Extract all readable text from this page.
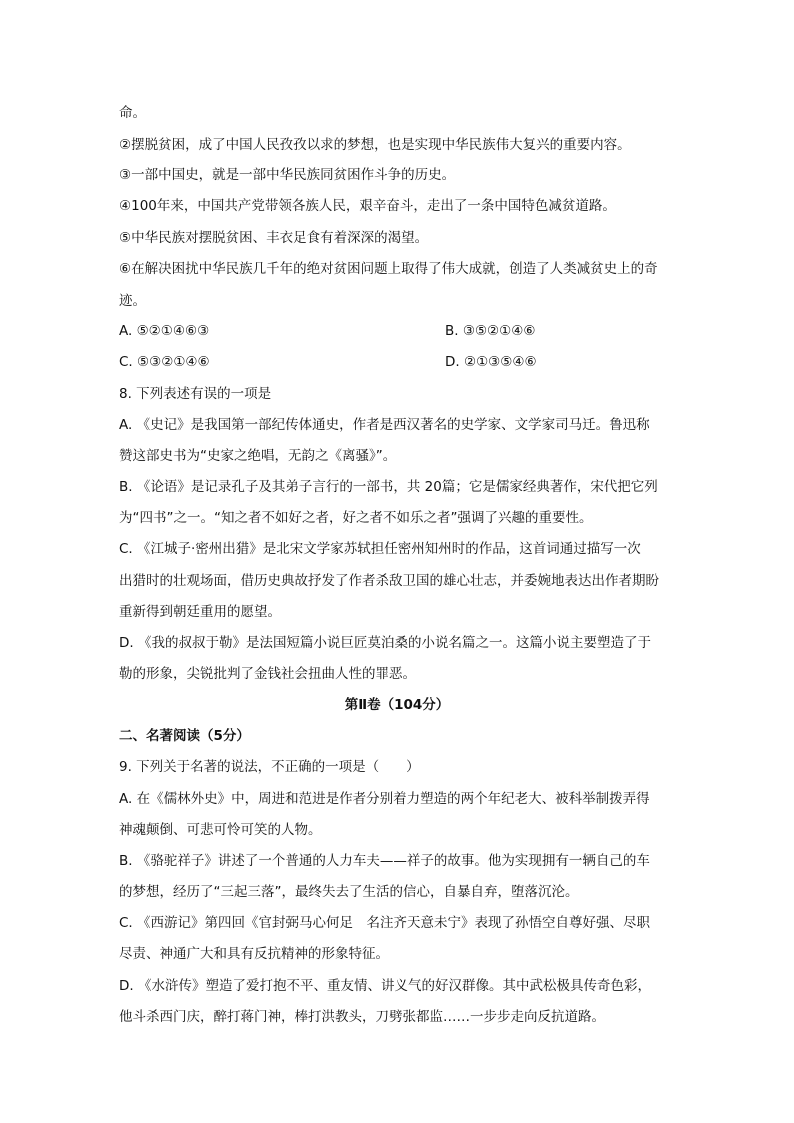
命。
②摆脱贫困，成了中国人民孜孜以求的梦想，也是实现中华民族伟大复兴的重要内容。
③一部中国史，就是一部中华民族同贫困作斗争的历史。
④100年来，中国共产党带领各族人民，艰辛奋斗，走出了一条中国特色减贫道路。
⑤中华民族对摆脱贫困、丰衣足食有着深深的渴望。
⑥在解决困扰中华民族几千年的绝对贫困问题上取得了伟大成就，创造了人类减贫史上的奇
迹。
A. ⑤②①④⑥③	B. ③⑤②①④⑥
C. ⑤③②①④⑥	D. ②①③⑤④⑥
8. 下列表述有误的一项是
A. 《史记》是我国第一部纪传体通史，作者是西汉著名的史学家、文学家司马迁。鲁迅称
赞这部史书为“史家之绝唱，无韵之《离骚》”。
B. 《论语》是记录孔子及其弟子言行的一部书，共 20篇；它是儒家经典著作，宋代把它列
为“四书”之一。“知之者不如好之者，好之者不如乐之者”强调了兴趣的重要性。
C. 《江城子·密州出猎》是北宋文学家苏轼担任密州知州时的作品，这首词通过描写一次
出猎时的壮观场面，借历史典故抒发了作者杀敌卫国的雄心壮志，并委婉地表达出作者期盼
重新得到朝廷重用的愿望。
D. 《我的叔叔于勒》是法国短篇小说巨匠莫泊桑的小说名篇之一。这篇小说主要塑造了于
勒的形象，尖锐批判了金钱社会扭曲人性的罪恶。
第Ⅱ卷（104分）
二、名著阅读（5分）
9. 下列关于名著的说法，不正确的一项是（　　）
A. 在《儒林外史》中，周进和范进是作者分别着力塑造的两个年纪老大、被科举制拨弄得
神魂颠倒、可悲可怜可笑的人物。
B. 《骆驼祥子》讲述了一个普通的人力车夫——祥子的故事。他为实现拥有一辆自己的车
的梦想，经历了“三起三落”，最终失去了生活的信心，自暴自弃，堕落沉沦。
C. 《西游记》第四回《官封弼马心何足　名注齐天意未宁》表现了孙悟空自尊好强、尽职
尽责、神通广大和具有反抗精神的形象特征。
D. 《水浒传》塑造了爱打抱不平、重友情、讲义气的好汉群像。其中武松极具传奇色彩，
他斗杀西门庆，醉打蒋门神，棒打洪教头，刀劈张都监……一步步走向反抗道路。
